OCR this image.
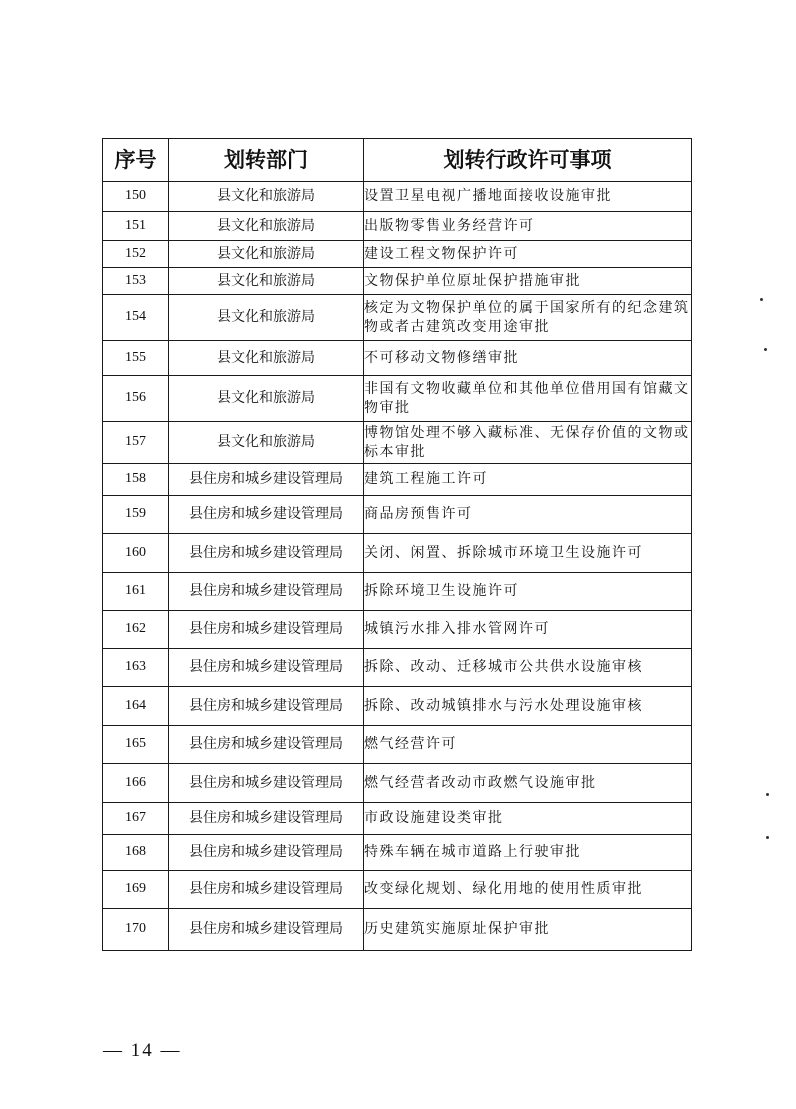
序号	划转部门	划转行政许可事项
150	县文化和旅游局	设置卫星电视广播地面接收设施审批
151	县文化和旅游局	出版物零售业务经营许可
152	县文化和旅游局	建设工程文物保护许可
153	县文化和旅游局	文物保护单位原址保护措施审批
154	县文化和旅游局	核定为文物保护单位的属于国家所有的纪念建筑物或者古建筑改变用途审批
155	县文化和旅游局	不可移动文物修缮审批
156	县文化和旅游局	非国有文物收藏单位和其他单位借用国有馆藏文物审批
157	县文化和旅游局	博物馆处理不够入藏标准、无保存价值的文物或标本审批
158	县住房和城乡建设管理局	建筑工程施工许可
159	县住房和城乡建设管理局	商品房预售许可
160	县住房和城乡建设管理局	关闭、闲置、拆除城市环境卫生设施许可
161	县住房和城乡建设管理局	拆除环境卫生设施许可
162	县住房和城乡建设管理局	城镇污水排入排水管网许可
163	县住房和城乡建设管理局	拆除、改动、迁移城市公共供水设施审核
164	县住房和城乡建设管理局	拆除、改动城镇排水与污水处理设施审核
165	县住房和城乡建设管理局	燃气经营许可
166	县住房和城乡建设管理局	燃气经营者改动市政燃气设施审批
167	县住房和城乡建设管理局	市政设施建设类审批
168	县住房和城乡建设管理局	特殊车辆在城市道路上行驶审批
169	县住房和城乡建设管理局	改变绿化规划、绿化用地的使用性质审批
170	县住房和城乡建设管理局	历史建筑实施原址保护审批
— 14 —
